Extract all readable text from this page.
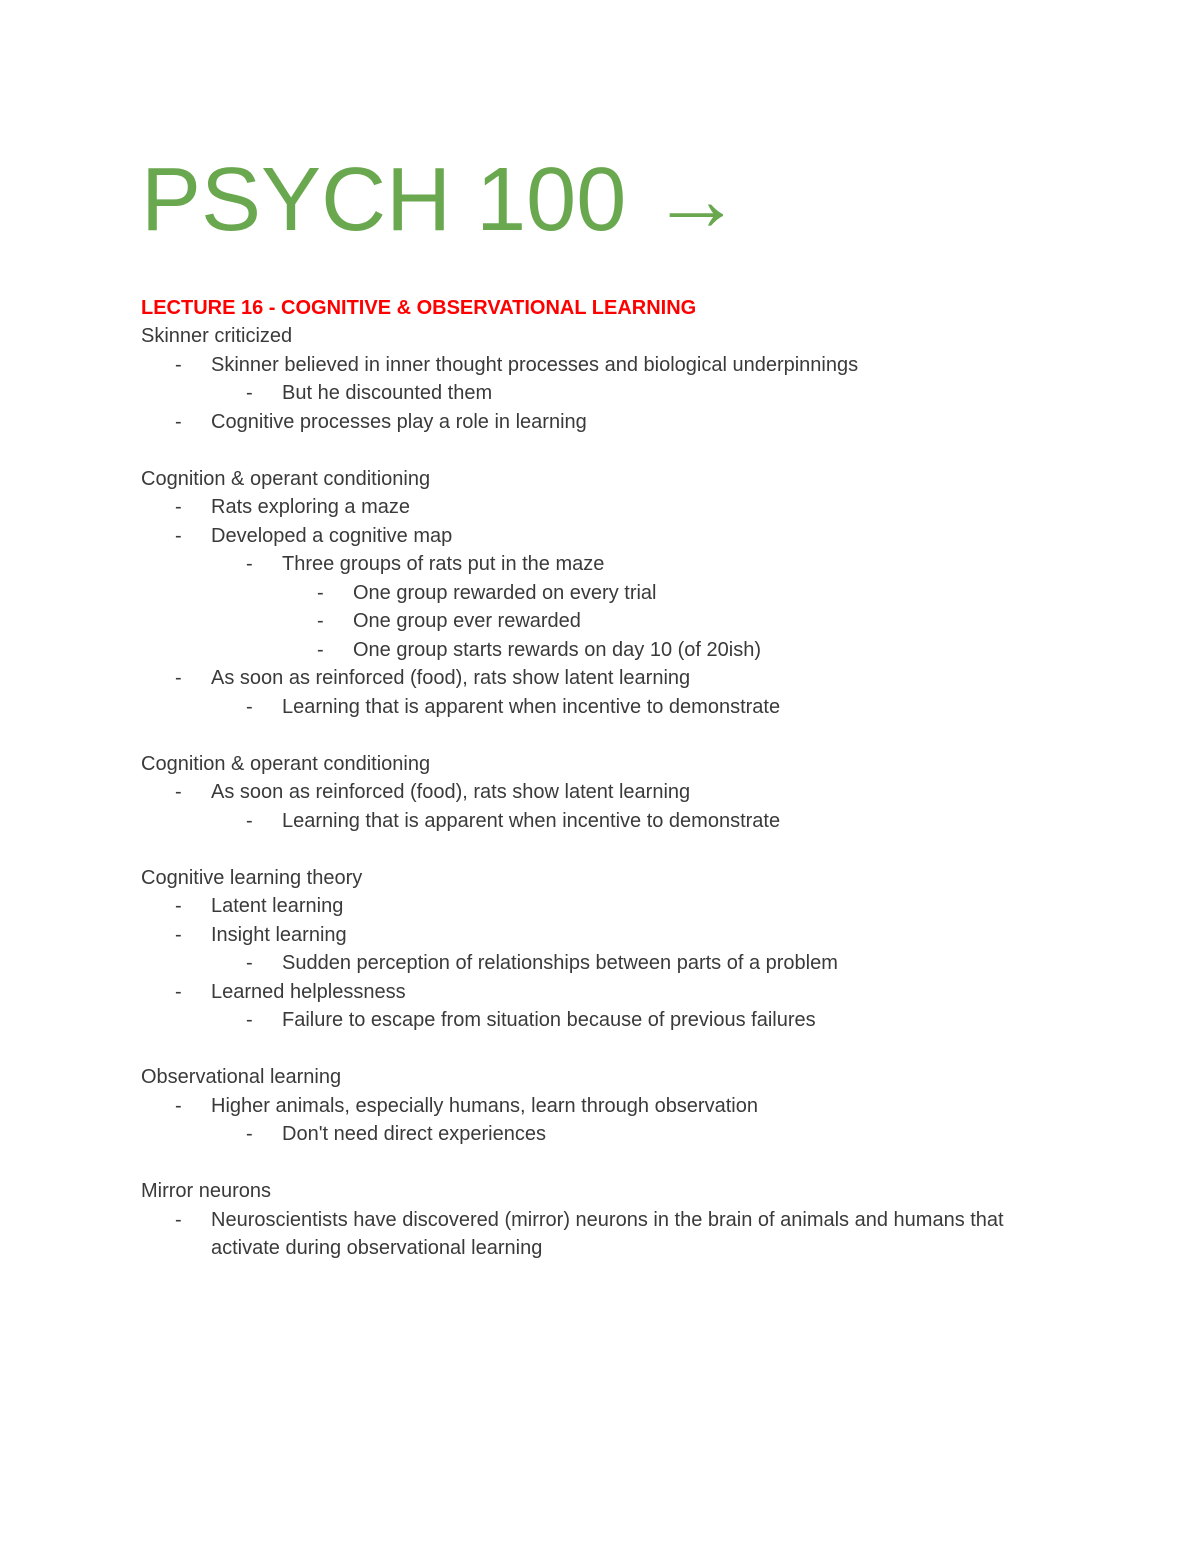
PSYCH 100 →
LECTURE 16 - COGNITIVE & OBSERVATIONAL LEARNING

Skinner criticized

- Skinner believed in inner thought processes and biological underpinnings
- But he discounted them
- Cognitive processes play a role in learning

Cognition & operant conditioning

- Rats exploring a maze
- Developed a cognitive map
- Three groups of rats put in the maze
- One group rewarded on every trial
- One group ever rewarded
- One group starts rewards on day 10 (of 20ish)
- As soon as reinforced (food), rats show latent learning
- Learning that is apparent when incentive to demonstrate

Cognition & operant conditioning

- As soon as reinforced (food), rats show latent learning
- Learning that is apparent when incentive to demonstrate

Cognitive learning theory

- Latent learning
- Insight learning
- Sudden perception of relationships between parts of a problem
- Learned helplessness
- Failure to escape from situation because of previous failures

Observational learning

- Higher animals, especially humans, learn through observation
- Don't need direct experiences

Mirror neurons

- Neuroscientists have discovered (mirror) neurons in the brain of animals and humans that activate during observational learning
